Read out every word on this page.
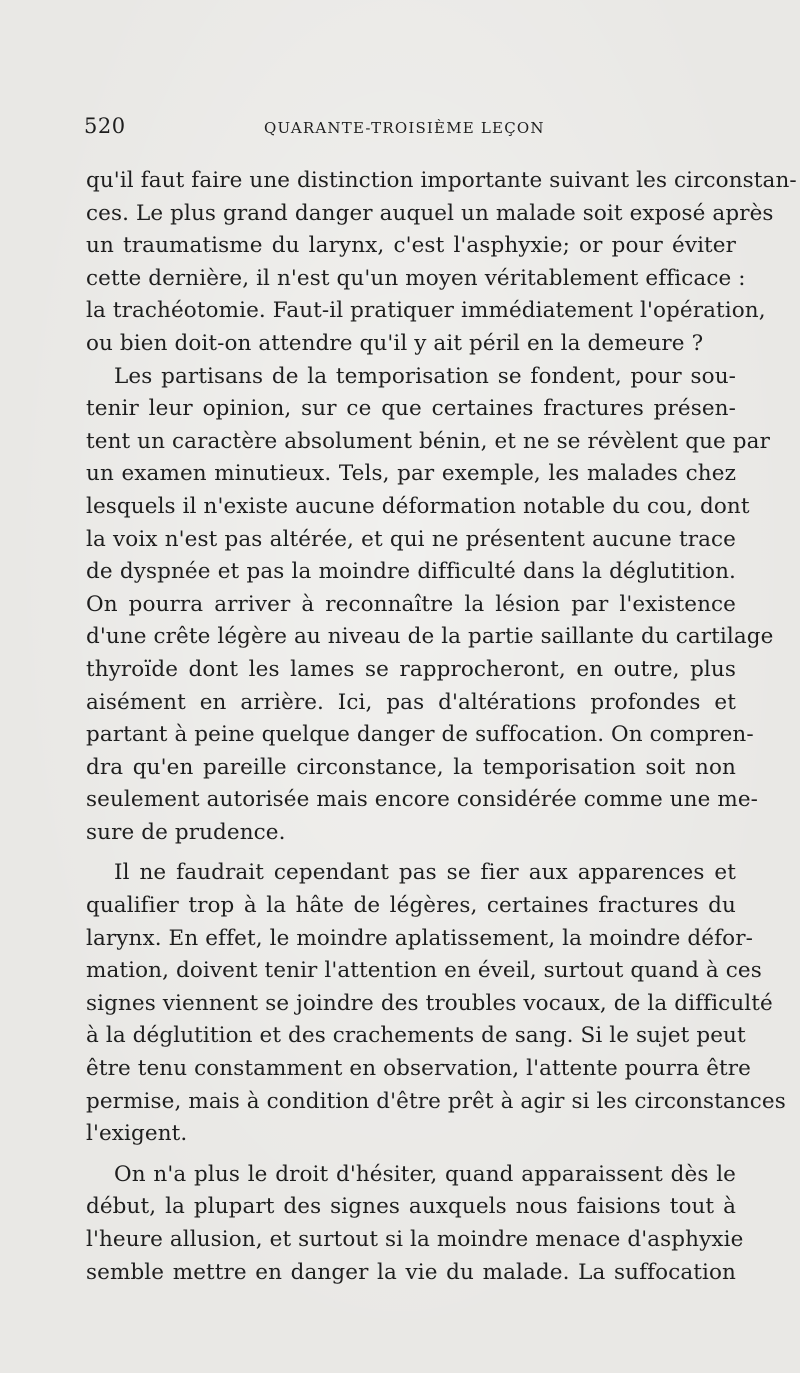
520	QUARANTE-TROISIÈME LEÇON
qu'il faut faire une distinction importante suivant les circonstan-
ces. Le plus grand danger auquel un malade soit exposé après
un traumatisme du larynx, c'est l'asphyxie; or pour éviter
cette dernière, il n'est qu'un moyen véritablement efficace :
la trachéotomie. Faut-il pratiquer immédiatement l'opération,
ou bien doit-on attendre qu'il y ait péril en la demeure ?
Les partisans de la temporisation se fondent, pour sou-
tenir leur opinion, sur ce que certaines fractures présen-
tent un caractère absolument bénin, et ne se révèlent que par
un examen minutieux. Tels, par exemple, les malades chez
lesquels il n'existe aucune déformation notable du cou, dont
la voix n'est pas altérée, et qui ne présentent aucune trace
de dyspnée et pas la moindre difficulté dans la déglutition.
On pourra arriver à reconnaître la lésion par l'existence
d'une crête légère au niveau de la partie saillante du cartilage
thyroïde dont les lames se rapprocheront, en outre, plus
aisément en arrière. Ici, pas d'altérations profondes et
partant à peine quelque danger de suffocation. On compren-
dra qu'en pareille circonstance, la temporisation soit non
seulement autorisée mais encore considérée comme une me-
sure de prudence.
Il ne faudrait cependant pas se fier aux apparences et
qualifier trop à la hâte de légères, certaines fractures du
larynx. En effet, le moindre aplatissement, la moindre défor-
mation, doivent tenir l'attention en éveil, surtout quand à ces
signes viennent se joindre des troubles vocaux, de la difficulté
à la déglutition et des crachements de sang. Si le sujet peut
être tenu constamment en observation, l'attente pourra être
permise, mais à condition d'être prêt à agir si les circonstances
l'exigent.
On n'a plus le droit d'hésiter, quand apparaissent dès le
début, la plupart des signes auxquels nous faisions tout à
l'heure allusion, et surtout si la moindre menace d'asphyxie
semble mettre en danger la vie du malade. La suffocation
